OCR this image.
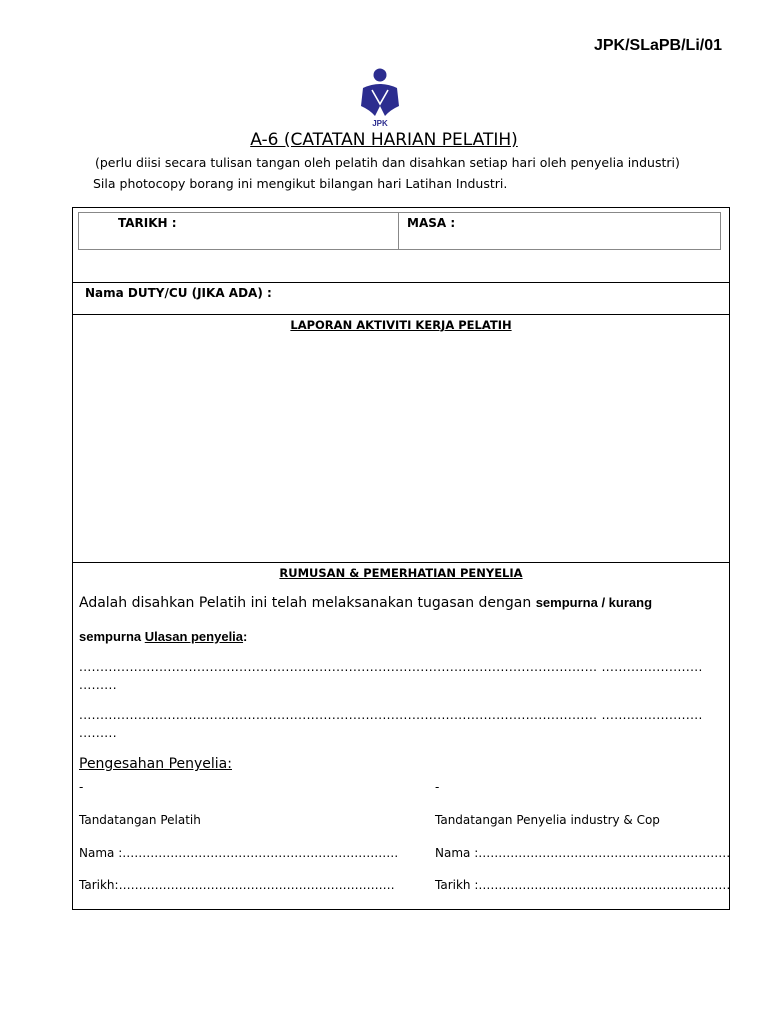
JPK/SLaPB/Li/01
JPK
A-6 (CATATAN HARIAN PELATIH)
(perlu diisi secara tulisan tangan oleh pelatih dan disahkan setiap hari oleh penyelia industri)
Sila photocopy borang ini mengikut bilangan hari Latihan Industri.
TARIKH :	MASA :
Nama DUTY/CU (JIKA ADA) :
LAPORAN AKTIVITI KERJA PELATIH
RUMUSAN & PEMERHATIAN PENYELIA
Adalah disahkan Pelatih ini telah melaksanakan tugasan dengan sempurna / kurang
sempurna Ulasan penyelia:
........................................................................................................................... ........................
.........
........................................................................................................................... ........................
.........
Pengesahan Penyelia:
-	-
Tandatangan Pelatih	Tandatangan Penyelia industry & Cop
Nama :……………………………………………………………	Nama :………………………………………………………
Tarikh:……………………………………………………………	Tarikh :………………………………………………………
